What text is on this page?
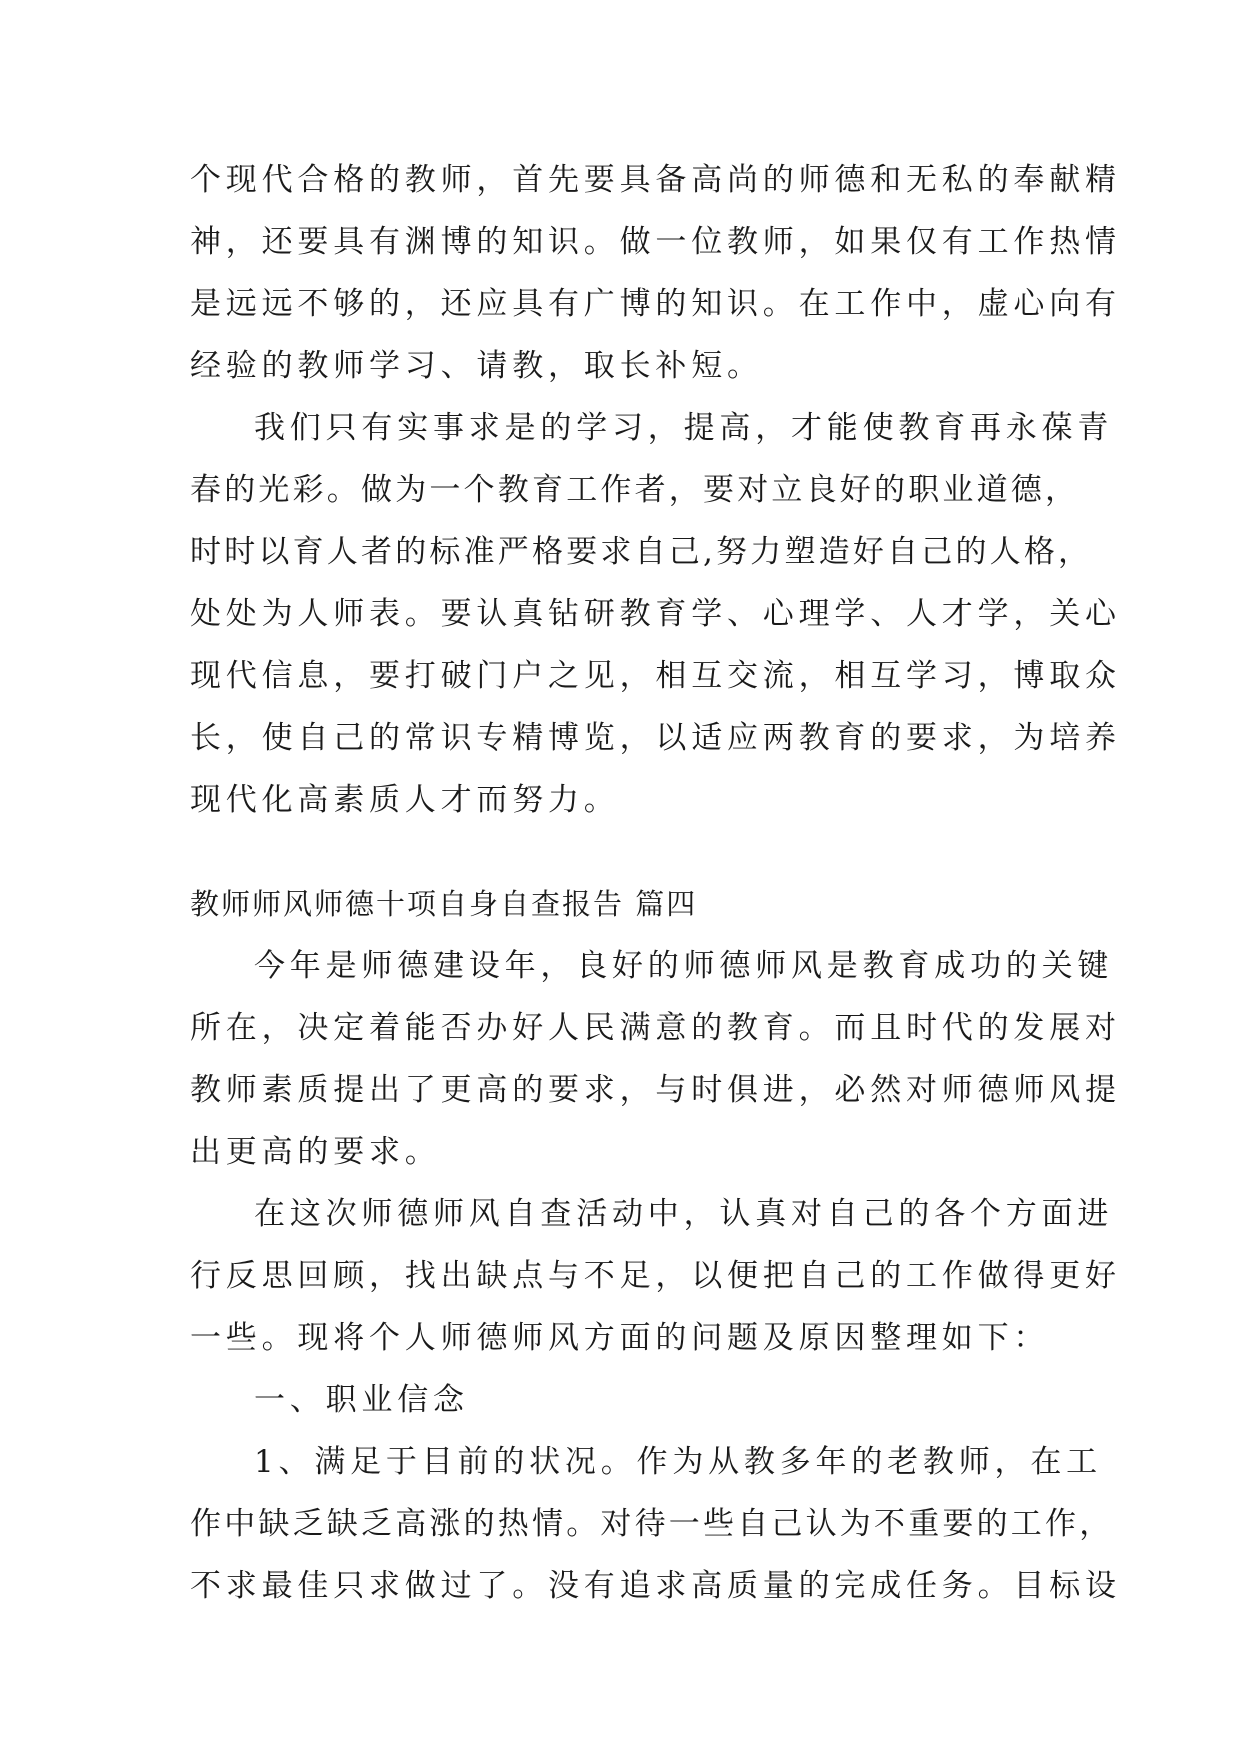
个现代合格的教师，首先要具备高尚的师德和无私的奉献精

神，还要具有渊博的知识。做一位教师，如果仅有工作热情

是远远不够的，还应具有广博的知识。在工作中，虚心向有

经验的教师学习、请教，取长补短。

我们只有实事求是的学习，提高，才能使教育再永葆青

春的光彩。做为一个教育工作者，要对立良好的职业道德，

时时以育人者的标准严格要求自己,努力塑造好自己的人格，

处处为人师表。要认真钻研教育学、心理学、人才学，关心

现代信息，要打破门户之见，相互交流，相互学习，博取众

长，使自己的常识专精博览，以适应两教育的要求，为培养

现代化高素质人才而努力。

教师师风师德十项自身自查报告 篇四

今年是师德建设年，良好的师德师风是教育成功的关键

所在，决定着能否办好人民满意的教育。而且时代的发展对

教师素质提出了更高的要求，与时俱进，必然对师德师风提

出更高的要求。

在这次师德师风自查活动中，认真对自己的各个方面进

行反思回顾，找出缺点与不足，以便把自己的工作做得更好

一些。现将个人师德师风方面的问题及原因整理如下：

一、职业信念

1、满足于目前的状况。作为从教多年的老教师，在工

作中缺乏缺乏高涨的热情。对待一些自己认为不重要的工作，

不求最佳只求做过了。没有追求高质量的完成任务。目标设
